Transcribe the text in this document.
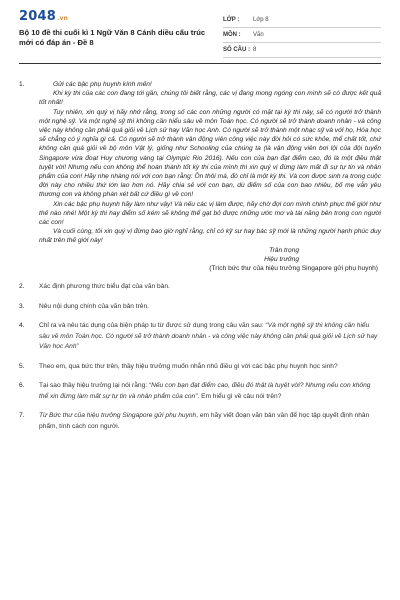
2048.vn
Bộ 10 đề thi cuối kì 1 Ngữ Văn 8 Cánh diều cấu trúc mới có đáp án - Đề 8
LỚP :	Lớp 8
MÔN :	Văn
SỐ CÂU : 8
1.	Gửi các bậc phụ huynh kính mến!

Khi kỳ thi của các con đang tới gần, chúng tôi biết rằng, các vị đang mong ngóng con mình sẽ có được kết quả tốt nhất!

Tuy nhiên, xin quý vị hãy nhớ rằng, trong số các con những người có mặt tại kỳ thi này, sẽ có người trở thành một nghệ sỹ. Và một nghệ sỹ thì không cần hiểu sâu về môn Toán học. Có người sẽ trở thành doanh nhân - và công việc này không cần phải quá giỏi về Lịch sử hay Văn học Anh. Có người sẽ trở thành một nhạc sỹ và với họ, Hóa học sẽ chẳng có ý nghĩa gì cả. Có người sẽ trở thành vận động viên công việc này đòi hỏi có sức khỏe, thể chất tốt, chứ không cần quá giỏi về bộ môn Vật lý, giống như Schooling của chúng ta (là vận động viên bơi lội của đội tuyển Singapore vừa đoạt Huy chương vàng tại Olympic Rio 2016). Nếu con của bạn đạt điểm cao, đó là một điều thật tuyệt vời! Nhưng nếu con không thể hoàn thành tốt kỳ thi của mình thì xin quý vị đừng làm mất đi sự tự tin và nhân phẩm của con! Hãy nhẹ nhàng nói với con bạn rằng: Ồn thôi mà, đó chỉ là một kỳ thi. Và con được sinh ra trong cuộc đời này cho nhiều thứ lớn lao hơn nó. Hãy chia sẻ với con bạn, dù điểm số của con bao nhiêu, bố mẹ vẫn yêu thương con và không phán xét bất cứ điều gì về con!

Xin các bậc phụ huynh hãy làm như vậy! Và nếu các vị làm được, hãy chờ đợi con mình chinh phục thế giới như thế nào nhé! Một kỳ thi hay điểm số kém sẽ không thể gạt bỏ được những ước mơ và tài năng bên trong con người các con!

Và cuối cùng, tôi xin quý vị đừng bao giờ nghĩ rằng, chỉ có kỹ sư hay bác sỹ mới là những người hạnh phúc duy nhất trên thế giới này!

Trân trọng
Hiệu trưởng
(Trích bức thư của hiệu trưởng Singapore gửi phụ huynh)
2.	Xác định phương thức biểu đạt của văn bản.
3.	Nêu nội dung chính của văn bản trên.
4.	Chỉ ra và nêu tác dụng của biện pháp tu từ được sử dụng trong câu văn sau: “Và một nghệ sỹ thì không cần hiểu sâu về môn Toán học. Có người sẽ trở thành doanh nhân - và công việc này không cần phải quá giỏi về Lịch sử hay Văn học Anh”
5.	Theo em, qua bức thư trên, thầy hiệu trưởng muốn nhắn nhủ điều gì với các bậc phụ huynh học sinh?
6.	Tại sao thầy hiệu trưởng lại nói rằng: “Nếu con bạn đạt điểm cao, điều đó thật là tuyệt vời? Nhưng nếu con không thể xin đừng làm mất sự tự tin và nhân phẩm của con”. Em hiểu gì về câu nói trên?
7.	Từ Bức thư của hiệu trưởng Singapore gửi phụ huynh, em hãy viết đoạn văn bản văn để học tập quyết định nhân phẩm, tính cách con người.
